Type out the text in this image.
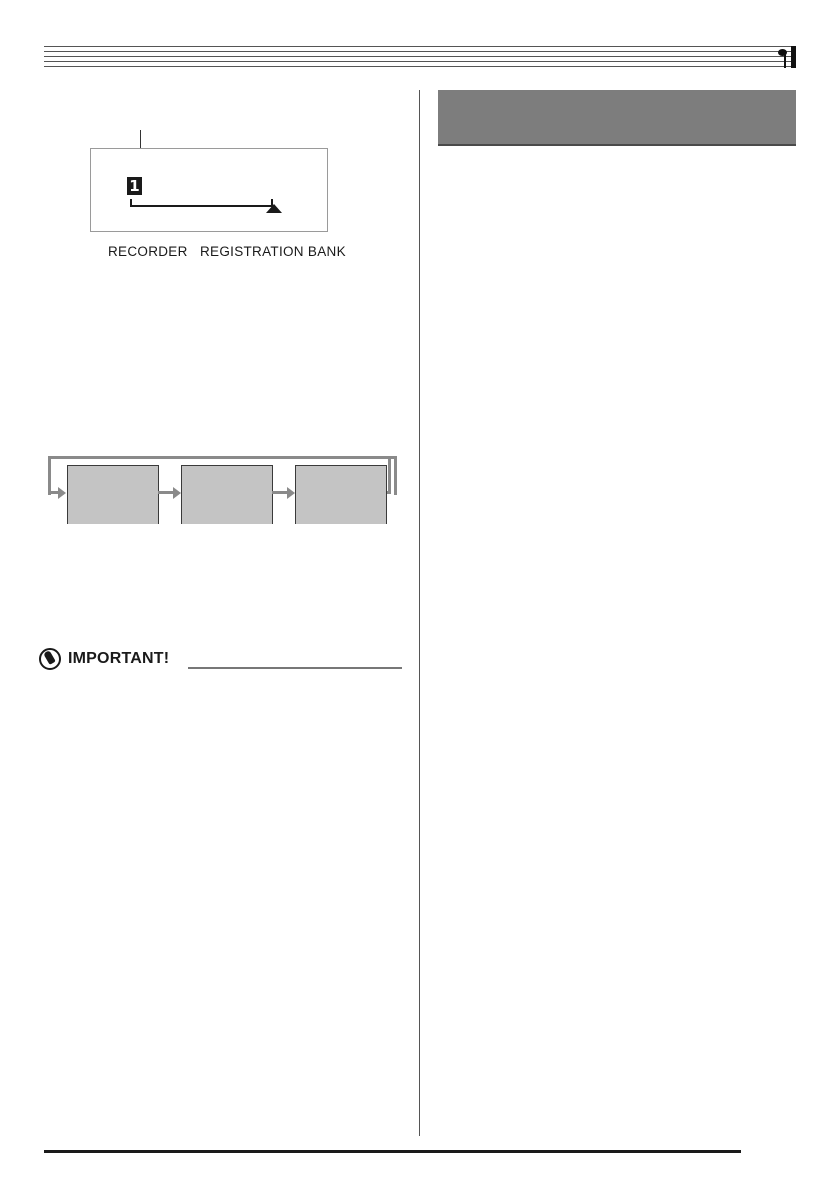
1
RECORDER REGISTRATION BANK
IMPORTANT!
